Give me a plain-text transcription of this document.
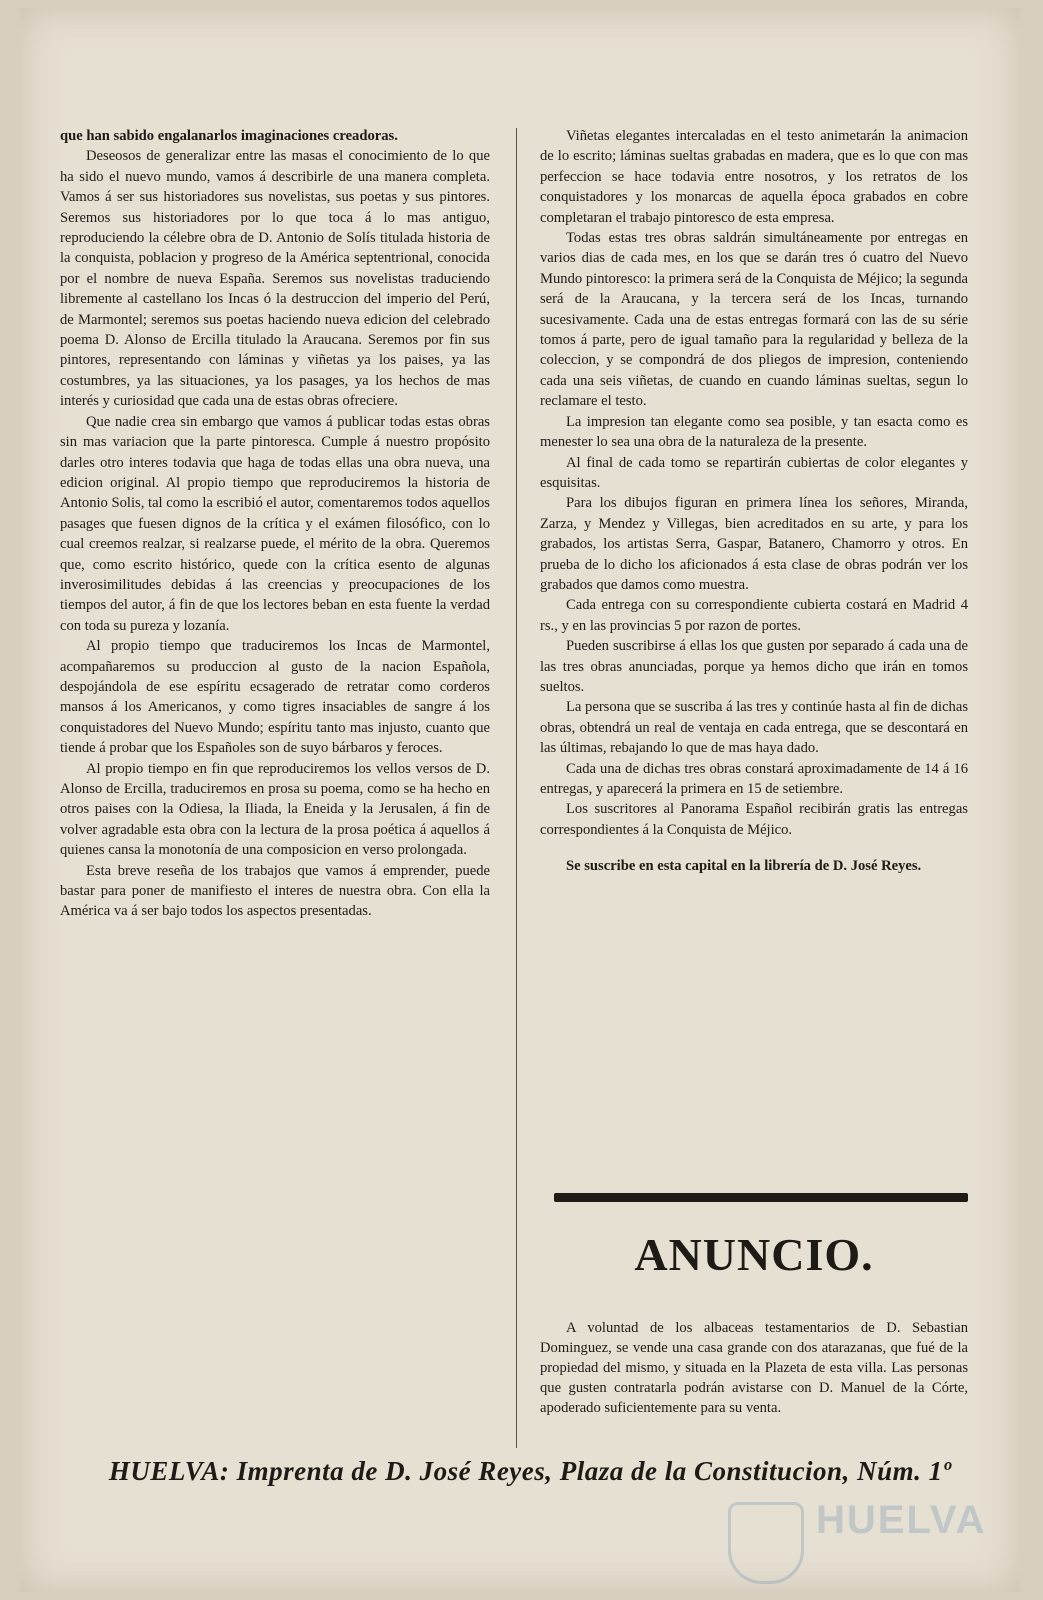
que han sabido engalanarlos imaginaciones creadoras.

Deseosos de generalizar entre las masas el conocimiento de lo que ha sido el nuevo mundo, vamos á describirle de una manera completa. Vamos á ser sus historiadores sus novelistas, sus poetas y sus pintores. Seremos sus historiadores por lo que toca á lo mas antiguo, reproduciendo la célebre obra de D. Antonio de Solís titulada historia de la conquista, poblacion y progreso de la América septentrional, conocida por el nombre de nueva España. Seremos sus novelistas traduciendo libremente al castellano los Incas ó la destruccion del imperio del Perú, de Marmontel; seremos sus poetas haciendo nueva edicion del celebrado poema D. Alonso de Ercilla titulado la Araucana. Seremos por fin sus pintores, representando con láminas y viñetas ya los paises, ya las costumbres, ya las situaciones, ya los pasages, ya los hechos de mas interés y curiosidad que cada una de estas obras ofreciere.

Que nadie crea sin embargo que vamos á publicar todas estas obras sin mas variacion que la parte pintoresca. Cumple á nuestro propósito darles otro interes todavia que haga de todas ellas una obra nueva, una edicion original. Al propio tiempo que reproduciremos la historia de Antonio Solis, tal como la escribió el autor, comentaremos todos aquellos pasages que fuesen dignos de la crítica y el exámen filosófico, con lo cual creemos realzar, si realzarse puede, el mérito de la obra. Queremos que, como escrito histórico, quede con la crítica esento de algunas inverosimilitudes debidas á las creencias y preocupaciones de los tiempos del autor, á fin de que los lectores beban en esta fuente la verdad con toda su pureza y lozanía.

Al propio tiempo que traduciremos los Incas de Marmontel, acompañaremos su produccion al gusto de la nacion Española, despojándola de ese espíritu ecsagerado de retratar como corderos mansos á los Americanos, y como tigres insaciables de sangre á los conquistadores del Nuevo Mundo; espíritu tanto mas injusto, cuanto que tiende á probar que los Españoles son de suyo bárbaros y feroces.

Al propio tiempo en fin que reproduciremos los vellos versos de D. Alonso de Ercilla, traduciremos en prosa su poema, como se ha hecho en otros paises con la Odiesa, la Iliada, la Eneida y la Jerusalen, á fin de volver agradable esta obra con la lectura de la prosa poética á aquellos á quienes cansa la monotonía de una composicion en verso prolongada.

Esta breve reseña de los trabajos que vamos á emprender, puede bastar para poner de manifiesto el interes de nuestra obra. Con ella la América va á ser bajo todos los aspectos presentadas.

Viñetas elegantes intercaladas en el testo animetarán la animacion de lo escrito; láminas sueltas grabadas en madera, que es lo que con mas perfeccion se hace todavia entre nosotros, y los retratos de los conquistadores y los monarcas de aquella época grabados en cobre completaran el trabajo pintoresco de esta empresa.

Todas estas tres obras saldrán simultáneamente por entregas en varios dias de cada mes, en los que se darán tres ó cuatro del Nuevo Mundo pintoresco: la primera será de la Conquista de Méjico; la segunda será de la Araucana, y la tercera será de los Incas, turnando sucesivamente. Cada una de estas entregas formará con las de su série tomos á parte, pero de igual tamaño para la regularidad y belleza de la coleccion, y se compondrá de dos pliegos de impresion, conteniendo cada una seis viñetas, de cuando en cuando láminas sueltas, segun lo reclamare el testo.

La impresion tan elegante como sea posible, y tan esacta como es menester lo sea una obra de la naturaleza de la presente.

Al final de cada tomo se repartirán cubiertas de color elegantes y esquisitas.

Para los dibujos figuran en primera línea los señores, Miranda, Zarza, y Mendez y Villegas, bien acreditados en su arte, y para los grabados, los artistas Serra, Gaspar, Batanero, Chamorro y otros. En prueba de lo dicho los aficionados á esta clase de obras podrán ver los grabados que damos como muestra.

Cada entrega con su correspondiente cubierta costará en Madrid 4 rs., y en las provincias 5 por razon de portes.

Pueden suscribirse á ellas los que gusten por separado á cada una de las tres obras anunciadas, porque ya hemos dicho que irán en tomos sueltos.

La persona que se suscriba á las tres y continúe hasta al fin de dichas obras, obtendrá un real de ventaja en cada entrega, que se descontará en las últimas, rebajando lo que de mas haya dado.

Cada una de dichas tres obras constará aproximadamente de 14 á 16 entregas, y aparecerá la primera en 15 de setiembre.

Los suscritores al Panorama Español recibirán gratis las entregas correspondientes á la Conquista de Méjico.

Se suscribe en esta capital en la librería de D. José Reyes.

ANUNCIO.

A voluntad de los albaceas testamentarios de D. Sebastian Dominguez, se vende una casa grande con dos atarazanas, que fué de la propiedad del mismo, y situada en la Plazeta de esta villa. Las personas que gusten contratarla podrán avistarse con D. Manuel de la Córte, apoderado suficientemente para su venta.

HUELVA: Imprenta de D. José Reyes, Plaza de la Constitucion, Núm. 1º
HUELVA
